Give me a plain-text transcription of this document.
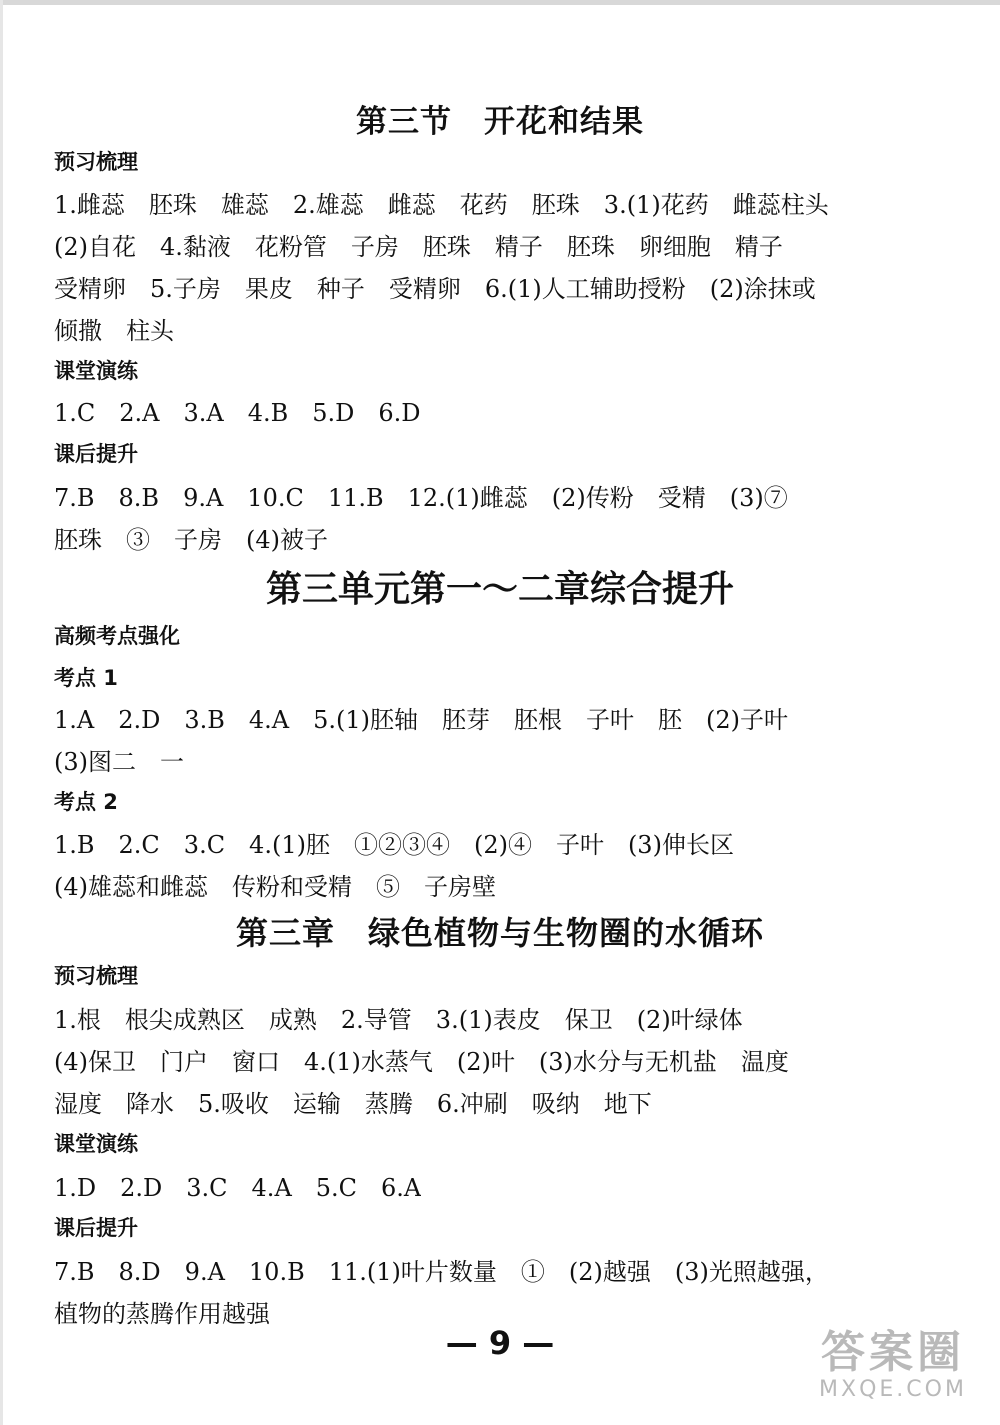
第三节　开花和结果
预习梳理
1.雌蕊　胚珠　雄蕊　2.雄蕊　雌蕊　花药　胚珠　3.(1)花药　雌蕊柱头
(2)自花　4.黏液　花粉管　子房　胚珠　精子　胚珠　卵细胞　精子
受精卵　5.子房　果皮　种子　受精卵　6.(1)人工辅助授粉　(2)涂抹或
倾撒　柱头
课堂演练
1.C　2.A　3.A　4.B　5.D　6.D
课后提升
7.B　8.B　9.A　10.C　11.B　12.(1)雌蕊　(2)传粉　受精　(3)⑦
胚珠　③　子房　(4)被子
第三单元第一～二章综合提升
高频考点强化
考点 1
1.A　2.D　3.B　4.A　5.(1)胚轴　胚芽　胚根　子叶　胚　(2)子叶
(3)图二　一
考点 2
1.B　2.C　3.C　4.(1)胚　①②③④　(2)④　子叶　(3)伸长区
(4)雄蕊和雌蕊　传粉和受精　⑤　子房壁
第三章　绿色植物与生物圈的水循环
预习梳理
1.根　根尖成熟区　成熟　2.导管　3.(1)表皮　保卫　(2)叶绿体
(4)保卫　门户　窗口　4.(1)水蒸气　(2)叶　(3)水分与无机盐　温度
湿度　降水　5.吸收　运输　蒸腾　6.冲刷　吸纳　地下
课堂演练
1.D　2.D　3.C　4.A　5.C　6.A
课后提升
7.B　8.D　9.A　10.B　11.(1)叶片数量　①　(2)越强　(3)光照越强，
植物的蒸腾作用越强
— 9 —	答案圈
MXQE.COM
